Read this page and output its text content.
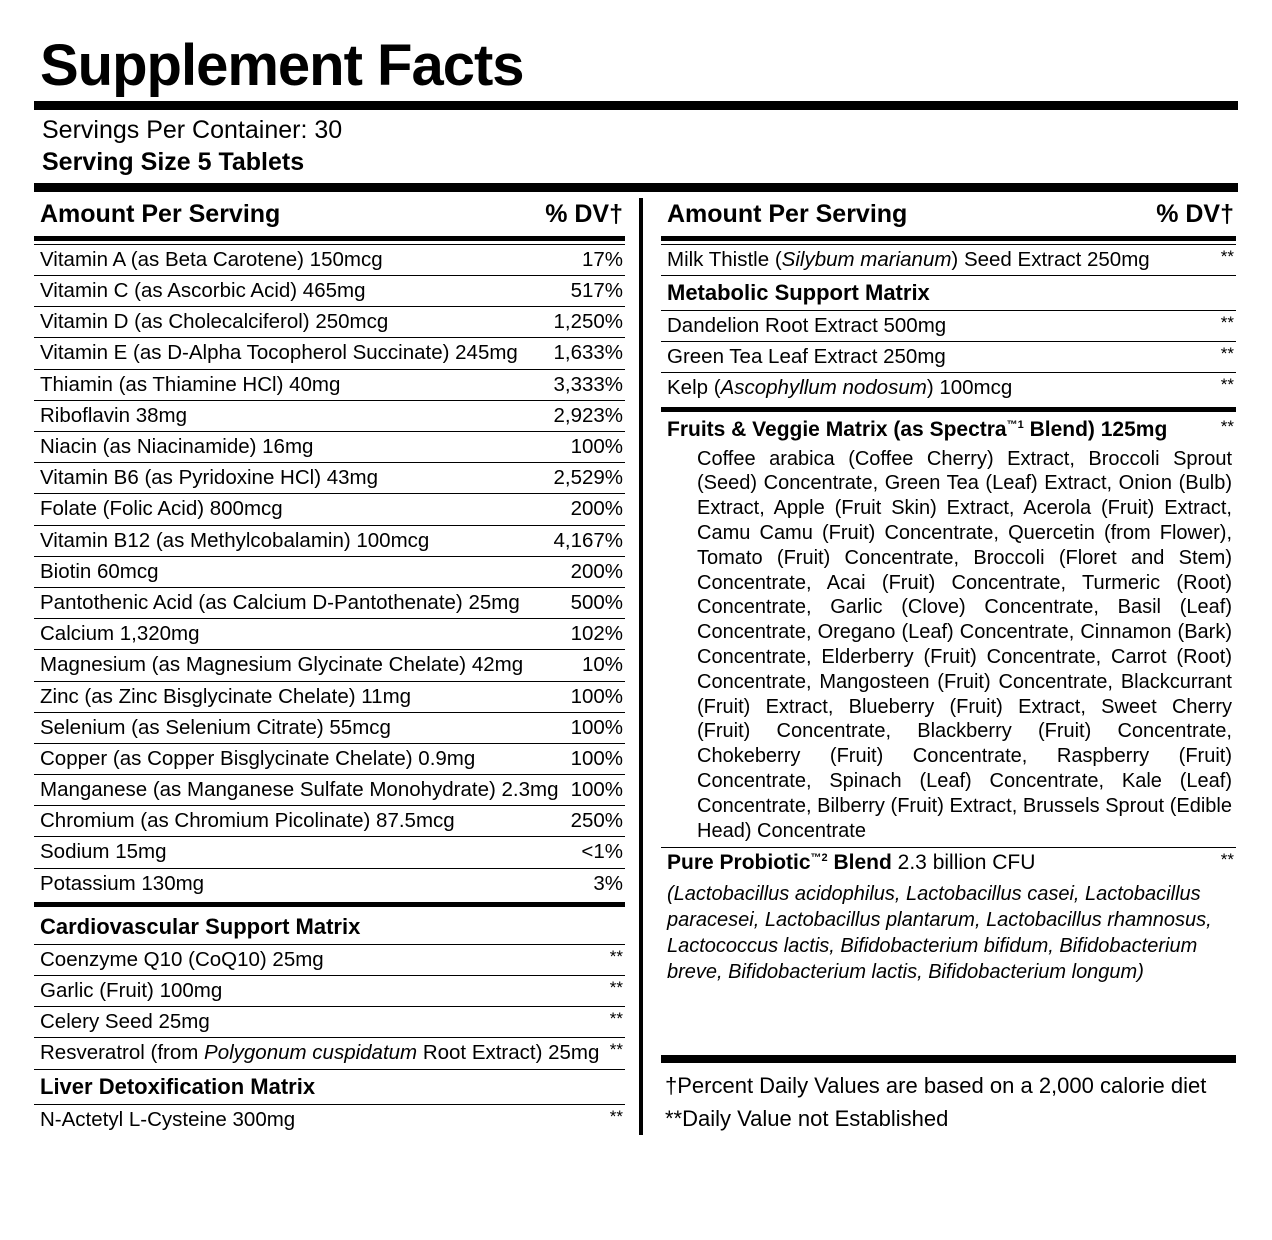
Supplement Facts
Servings Per Container: 30
Serving Size 5 Tablets
Amount Per Serving	% DV†
Vitamin A (as Beta Carotene) 150mcg	17%
Vitamin C (as Ascorbic Acid) 465mg	517%
Vitamin D (as Cholecalciferol) 250mcg	1,250%
Vitamin E (as D-Alpha Tocopherol Succinate) 245mg	1,633%
Thiamin (as Thiamine HCl) 40mg	3,333%
Riboflavin 38mg	2,923%
Niacin (as Niacinamide) 16mg	100%
Vitamin B6 (as Pyridoxine HCl) 43mg	2,529%
Folate (Folic Acid) 800mcg	200%
Vitamin B12 (as Methylcobalamin) 100mcg	4,167%
Biotin 60mcg	200%
Pantothenic Acid (as Calcium D-Pantothenate) 25mg	500%
Calcium 1,320mg	102%
Magnesium (as Magnesium Glycinate Chelate) 42mg	10%
Zinc (as Zinc Bisglycinate Chelate) 11mg	100%
Selenium (as Selenium Citrate) 55mcg	100%
Copper (as Copper Bisglycinate Chelate) 0.9mg	100%
Manganese (as Manganese Sulfate Monohydrate) 2.3mg 100%
Chromium (as Chromium Picolinate) 87.5mcg	250%
Sodium 15mg	<1%
Potassium 130mg	3%
Cardiovascular Support Matrix
Coenzyme Q10 (CoQ10) 25mg	**
Garlic (Fruit) 100mg	**
Celery Seed 25mg	**
Resveratrol (from Polygonum cuspidatum Root Extract) 25mg **
Liver Detoxification Matrix
N-Actetyl L-Cysteine 300mg	**
Amount Per Serving	% DV†
Milk Thistle (Silybum marianum) Seed Extract 250mg	**
Metabolic Support Matrix
Dandelion Root Extract 500mg	**
Green Tea Leaf Extract 250mg	**
Kelp (Ascophyllum nodosum) 100mcg	**
Fruits & Veggie Matrix (as Spectra$^{™1}$ Blend) 125mg	**
Coffee arabica (Coffee Cherry) Extract, Broccoli Sprout (Seed) Concentrate, Green Tea (Leaf) Extract, Onion (Bulb) Extract, Apple (Fruit Skin) Extract, Acerola (Fruit) Extract, Camu Camu (Fruit) Concentrate, Quercetin (from Flower), Tomato (Fruit) Concentrate, Broccoli (Floret and Stem) Concentrate, Acai (Fruit) Concentrate, Turmeric (Root) Concentrate, Garlic (Clove) Concentrate, Basil (Leaf) Concentrate, Oregano (Leaf) Concentrate, Cinnamon (Bark) Concentrate, Elderberry (Fruit) Concentrate, Carrot (Root) Concentrate, Mangosteen (Fruit) Concentrate, Blackcurrant (Fruit) Extract, Blueberry (Fruit) Extract, Sweet Cherry (Fruit) Concentrate, Blackberry (Fruit) Concentrate, Chokeberry (Fruit) Concentrate, Raspberry (Fruit) Concentrate, Spinach (Leaf) Concentrate, Kale (Leaf) Concentrate, Bilberry (Fruit) Extract, Brussels Sprout (Edible Head) Concentrate
Pure Probiotic$^{™2}$ Blend 2.3 billion CFU	**
(Lactobacillus acidophilus, Lactobacillus casei, Lactobacillus paracesei, Lactobacillus plantarum, Lactobacillus rhamnosus, Lactococcus lactis, Bifidobacterium bifidum, Bifidobacterium breve, Bifidobacterium lactis, Bifidobacterium longum)
†Percent Daily Values are based on a 2,000 calorie diet
**Daily Value not Established
